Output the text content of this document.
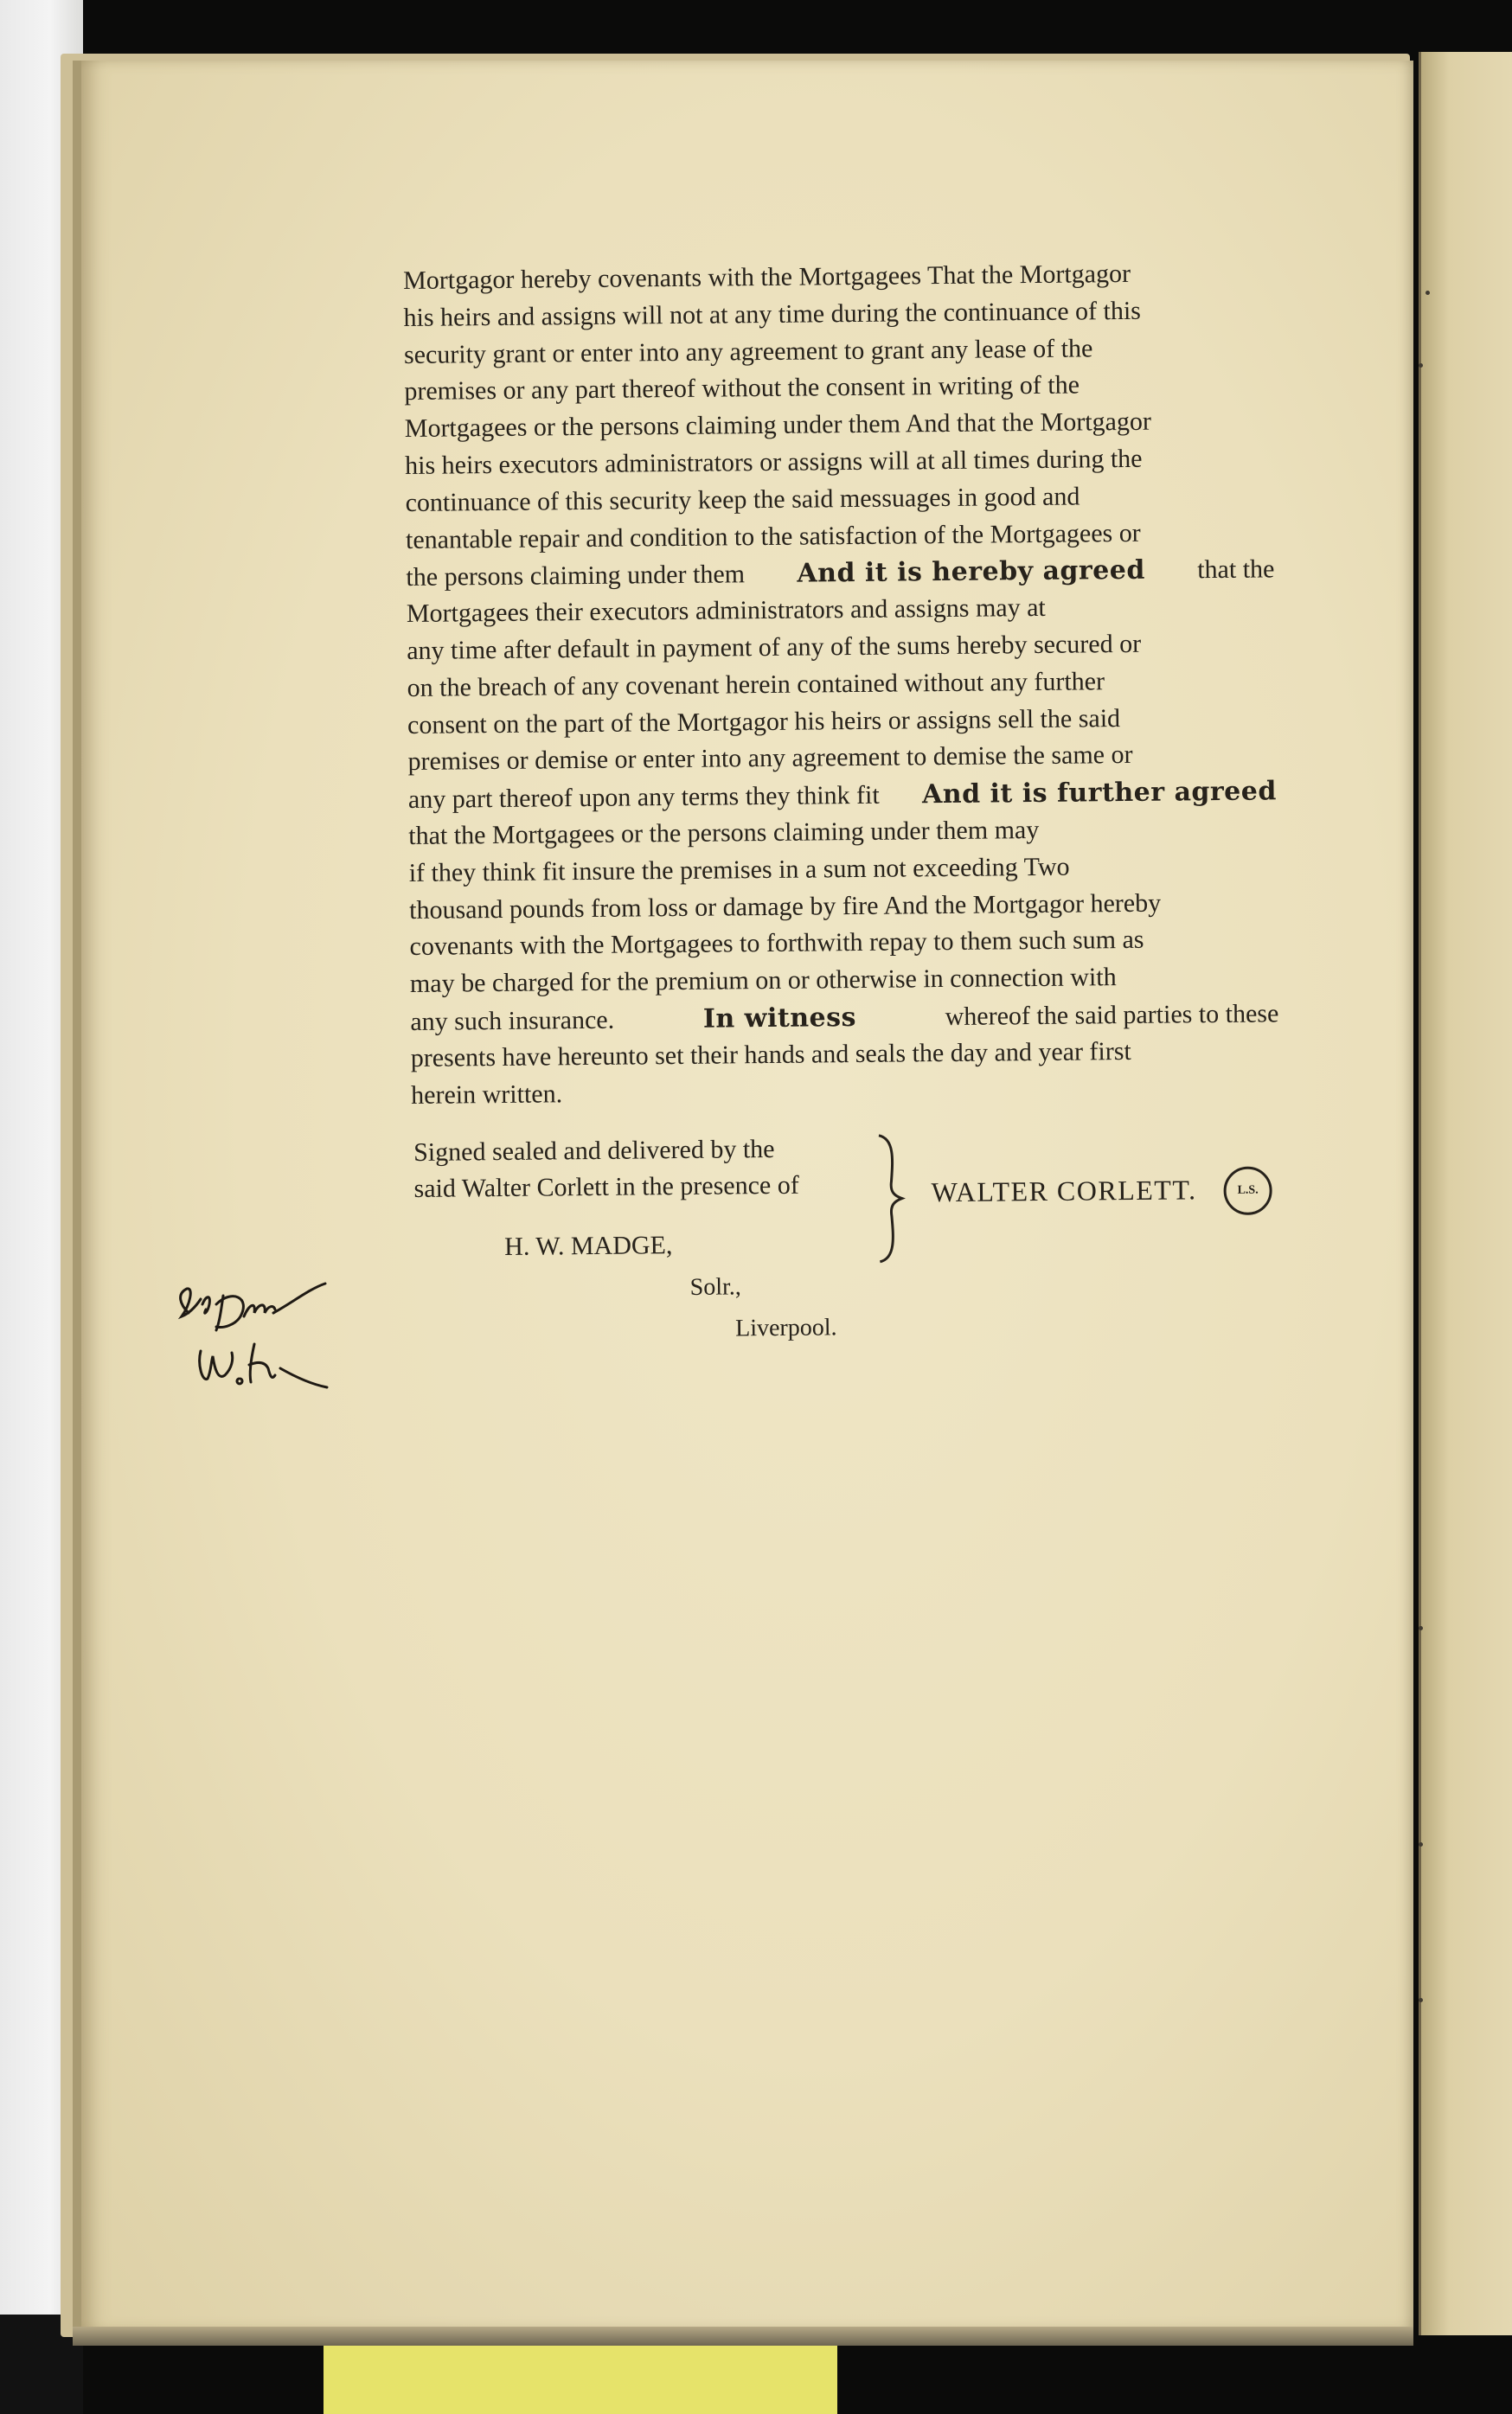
Mortgagor hereby covenants with the Mortgagees That the Mortgagor
his heirs and assigns will not at any time during the continuance of this
security grant or enter into any agreement to grant any lease of the
premises or any part thereof without the consent in writing of the
Mortgagees or the persons claiming under them And that the Mortgagor
his heirs executors administrators or assigns will at all times during the
continuance of this security keep the said messuages in good and
tenantable repair and condition to the satisfaction of the Mortgagees or
the persons claiming under them And it is hereby agreed that the
Mortgagees their executors administrators and assigns may at
any time after default in payment of any of the sums hereby secured or
on the breach of any covenant herein contained without any further
consent on the part of the Mortgagor his heirs or assigns sell the said
premises or demise or enter into any agreement to demise the same or
any part thereof upon any terms they think fit And it is further agreed
that the Mortgagees or the persons claiming under them may
if they think fit insure the premises in a sum not exceeding Two
thousand pounds from loss or damage by fire And the Mortgagor hereby
covenants with the Mortgagees to forthwith repay to them such sum as
may be charged for the premium on or otherwise in connection with
any such insurance.	In witness	whereof the said parties to these
presents have hereunto set their hands and seals the day and year first
herein written.
Signed sealed and delivered by the
said Walter Corlett in the presence of	WALTER CORLETT.	L.S.
H. W. MADGE,
Solr.,
Liverpool.
